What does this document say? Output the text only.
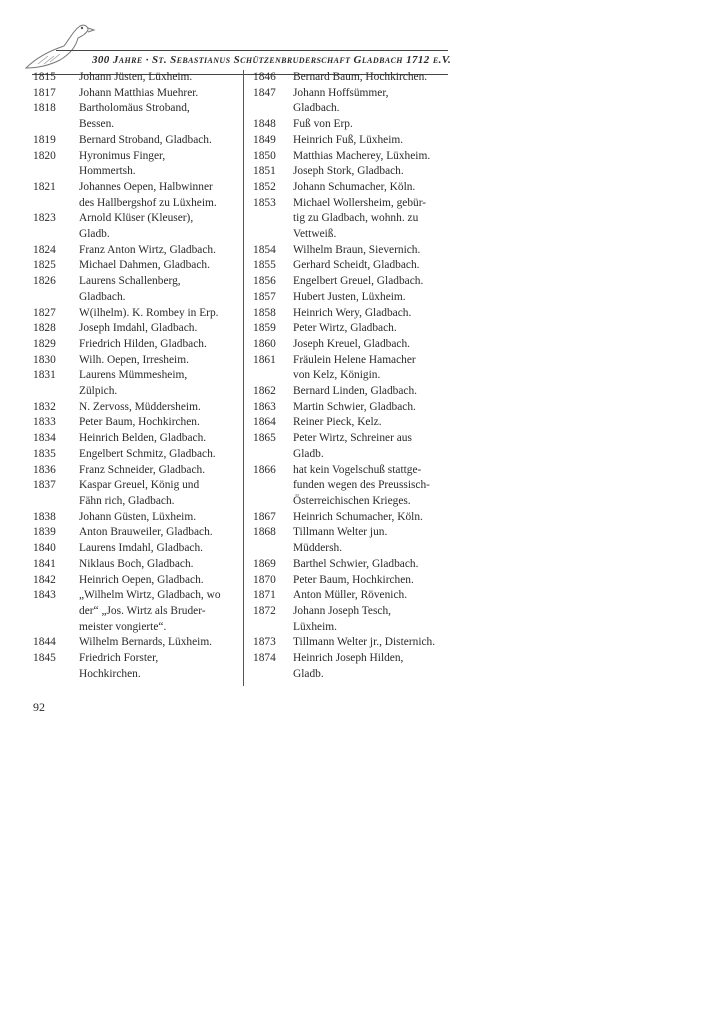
300 Jahre · St. Sebastianus Schützenbruderschaft Gladbach 1712 e.V.
1815	Johann Jüsten, Lüxheim.
1817	Johann Matthias Muehrer.
1818	Bartholomäus Stroband,
Bessen.
1819	Bernard Stroband, Gladbach.
1820	Hyronimus Finger,
Hommertsh.
1821	Johannes Oepen, Halbwinner
des Hallbergshof zu Lüxheim.
1823	Arnold Klüser (Kleuser),
Gladb.
1824	Franz Anton Wirtz, Gladbach.
1825	Michael Dahmen, Gladbach.
1826	Laurens Schallenberg,
Gladbach.
1827	W(ilhelm). K. Rombey in Erp.
1828	Joseph Imdahl, Gladbach.
1829	Friedrich Hilden, Gladbach.
1830	Wilh. Oepen, Irresheim.
1831	Laurens Mümmesheim,
Zülpich.
1832	N. Zervoss, Müddersheim.
1833	Peter Baum, Hochkirchen.
1834	Heinrich Belden, Gladbach.
1835	Engelbert Schmitz, Gladbach.
1836	Franz Schneider, Gladbach.
1837	Kaspar Greuel, König und
Fähn rich, Gladbach.
1838	Johann Güsten, Lüxheim.
1839	Anton Brauweiler, Gladbach.
1840	Laurens Imdahl, Gladbach.
1841	Niklaus Boch, Gladbach.
1842	Heinrich Oepen, Gladbach.
1843	„Wilhelm Wirtz, Gladbach, wo
der“ „Jos. Wirtz als Bruder-
meister vongierte“.
1844	Wilhelm Bernards, Lüxheim.
1845	Friedrich Forster,
Hochkirchen.
1846	Bernard Baum, Hochkirchen.
1847	Johann Hoffsümmer,
Gladbach.
1848	Fuß von Erp.
1849	Heinrich Fuß, Lüxheim.
1850	Matthias Macherey, Lüxheim.
1851	Joseph Stork, Gladbach.
1852	Johann Schumacher, Köln.
1853	Michael Wollersheim, gebür-
tig zu Gladbach, wohnh. zu
Vettweiß.
1854	Wilhelm Braun, Sievernich.
1855	Gerhard Scheidt, Gladbach.
1856	Engelbert Greuel, Gladbach.
1857	Hubert Justen, Lüxheim.
1858	Heinrich Wery, Gladbach.
1859	Peter Wirtz, Gladbach.
1860	Joseph Kreuel, Gladbach.
1861	Fräulein Helene Hamacher
von Kelz, Königin.
1862	Bernard Linden, Gladbach.
1863	Martin Schwier, Gladbach.
1864	Reiner Pieck, Kelz.
1865	Peter Wirtz, Schreiner aus
Gladb.
1866	hat kein Vogelschuß stattge-
funden wegen des Preussisch-
Österreichischen Krieges.
1867	Heinrich Schumacher, Köln.
1868	Tillmann Welter jun.
Müddersh.
1869	Barthel Schwier, Gladbach.
1870	Peter Baum, Hochkirchen.
1871	Anton Müller, Rövenich.
1872	Johann Joseph Tesch,
Lüxheim.
1873	Tillmann Welter jr., Disternich.
1874	Heinrich Joseph Hilden,
Gladb.
92
